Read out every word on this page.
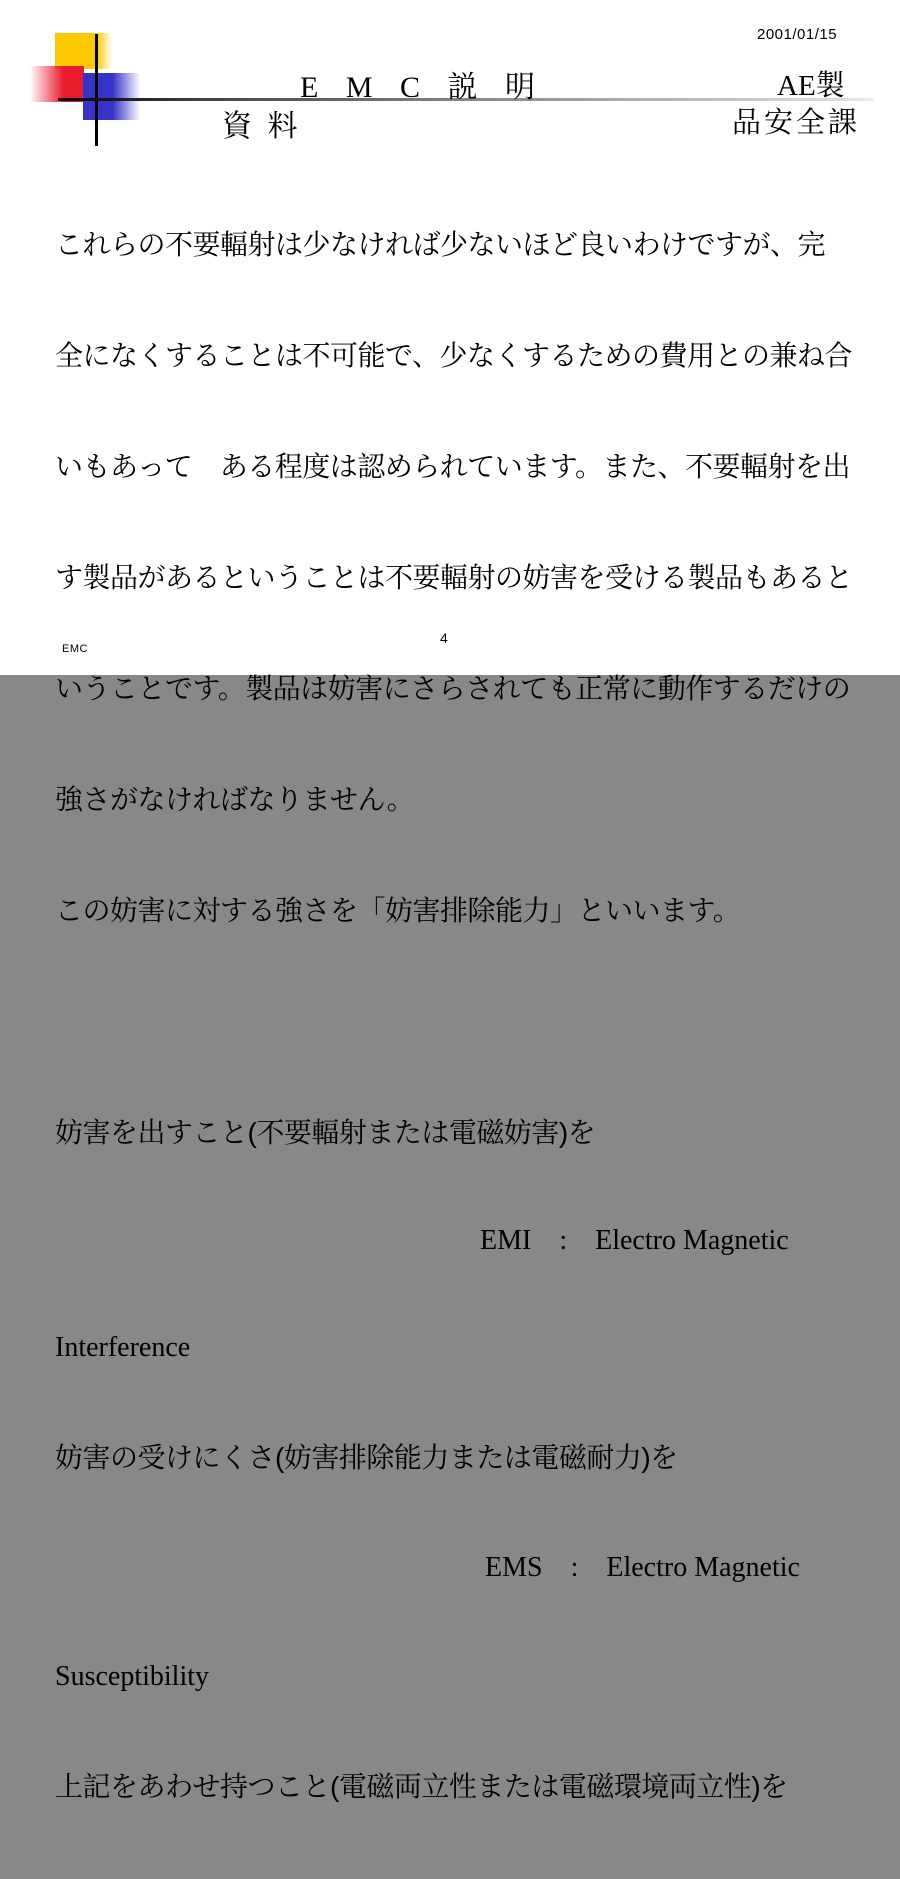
2001/01/15
E M C 説 明
資 料
AE製
品安全課

これらの不要輻射は少なければ少ないほど良いわけですが、完

全になくすることは不可能で、少なくするための費用との兼ね合

いもあって　ある程度は認められています。また、不要輻射を出

す製品があるということは不要輻射の妨害を受ける製品もあると

いうことです。製品は妨害にさらされても正常に動作するだけの

強さがなければなりません。

この妨害に対する強さを「妨害排除能力」といいます。

妨害を出すこと(不要輻射または電磁妨害)を

EMI　:　Electro Magnetic

Interference

妨害の受けにくさ(妨害排除能力または電磁耐力)を

EMS　:　Electro Magnetic

Susceptibility

上記をあわせ持つこと(電磁両立性または電磁環境両立性)を

EMC
4
